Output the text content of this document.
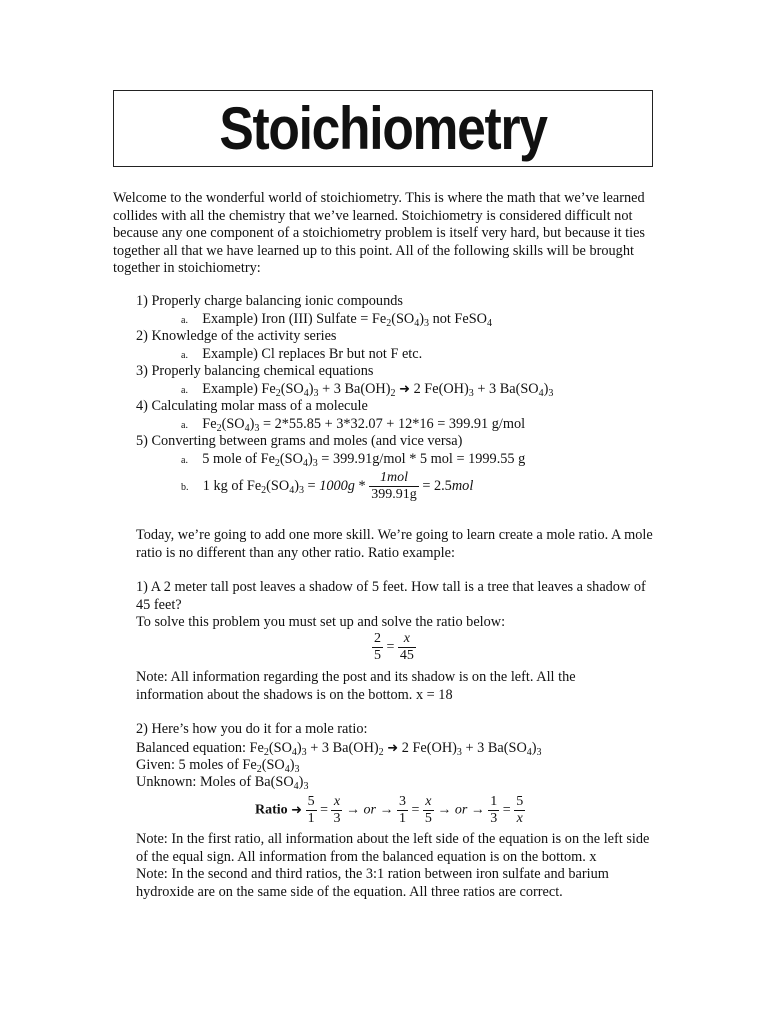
Stoichiometry
Welcome to the wonderful world of stoichiometry. This is where the math that we’ve learned collides with all the chemistry that we’ve learned. Stoichiometry is considered difficult not because any one component of a stoichiometry problem is itself very hard, but because it ties together all that we have learned up to this point. All of the following skills will be brought together in stoichiometry:
1) Properly charge balancing ionic compounds
a. Example) Iron (III) Sulfate = $Fe_2(SO_4)_3$ not FeSO$_4$
2) Knowledge of the activity series
a. Example) Cl replaces Br but not F etc.
3) Properly balancing chemical equations
a.    Example) $Fe_2(SO_4)_3 + 3$ $Ba(OH)_2$ ➜ 2 $Fe(OH)_3 + 3$ $Ba(SO_4)_3$
4) Calculating molar mass of a molecule
a.    $Fe_2(SO_4)_3 = 2*55.85 + 3*32.07 + 12*16 = 399.91$ g/mol
5) Converting between grams and moles (and vice versa)
a.    5 mole of $Fe_2(SO_4)_3 = 399.91g/mol * 5$ mol = 1999.55 g
b. 1 kg of $Fe_2(SO_4)_3 = 1000g * \frac{\text{1mol}}{399.91g} = 2.5mol$
Today, we’re going to add one more skill. We’re going to learn create a mole ratio. A mole ratio is no different than any other ratio. Ratio example:
1) A 2 meter tall post leaves a shadow of 5 feet. How tall is a tree that leaves a shadow of 45 feet?
To solve this problem you must set up and solve the ratio below:
$\frac{2}{5} = \frac{x}{45}$
Note: All information regarding the post and its shadow is on the left. All the information about the shadows is on the bottom. x = 18
2) Here’s how you do it for a mole ratio:
Balanced equation: $Fe_2(SO_4)_3 + 3$ $Ba(OH)_2$ ➜ 2 $Fe(OH)_3 + 3$ $Ba(SO_4)_3$
Given: 5 moles of $Fe_2(SO_4)_3$
Unknown: Moles of $Ba(SO_4)_3$
Ratio ➜ $\frac{5}{1} = \frac{x}{3}$ → or → $\frac{3}{1} = \frac{x}{5}$ → or → $\frac{1}{3} = \frac{5}{x}$
Note: In the first ratio, all information about the left side of the equation is on the left side of the equal sign. All information from the balanced equation is on the bottom. x
Note: In the second and third ratios, the 3:1 ration between iron sulfate and barium hydroxide are on the same side of the equation. All three ratios are correct.
